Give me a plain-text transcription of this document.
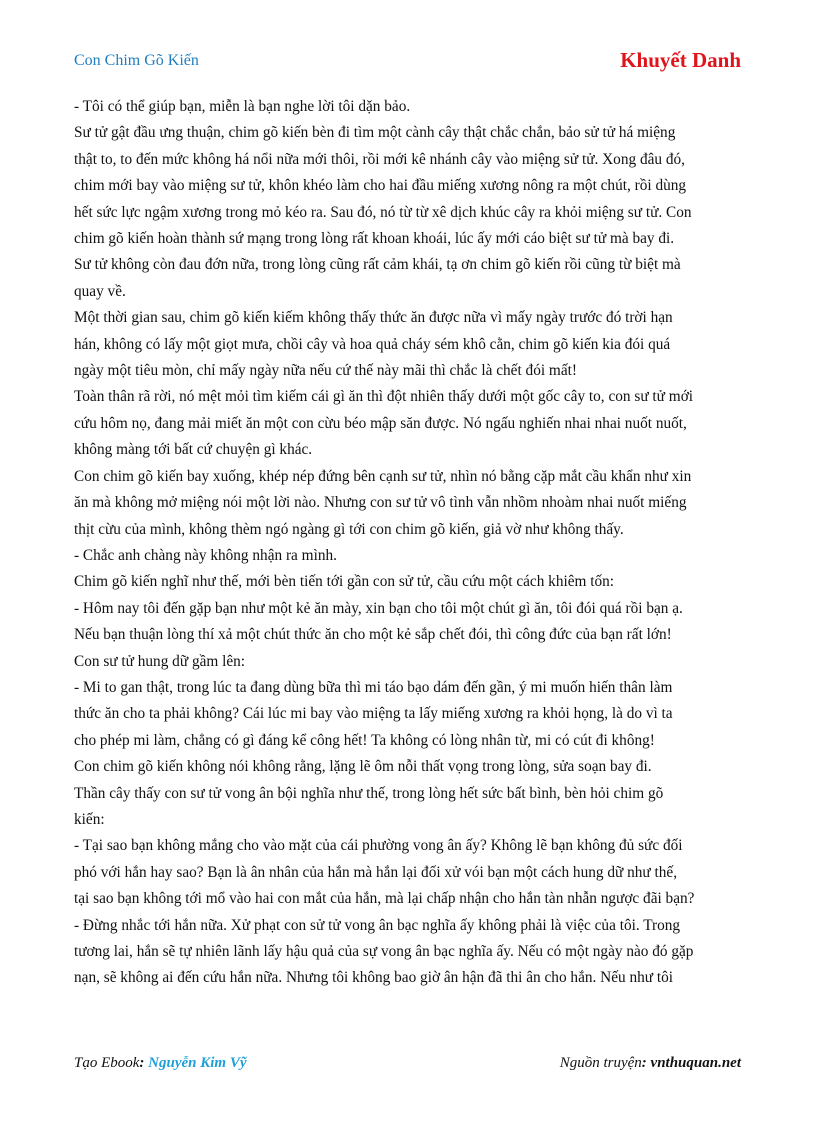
Con Chim Gõ Kiến	Khuyết Danh

- Tôi có thể giúp bạn, miễn là bạn nghe lời tôi dặn bảo.

Sư tử gật đầu ưng thuận, chim gõ kiến bèn đi tìm một cành cây thật chắc chắn, bảo sử tử há miệng

thật to, to đến mức không há nổi nữa mới thôi, rồi mới kê nhánh cây vào miệng sử tử. Xong đâu đó,

chim mới bay vào miệng sư tử, khôn khéo làm cho hai đầu miếng xương nông ra một chút, rồi dùng

hết sức lực ngậm xương trong mỏ kéo ra. Sau đó, nó từ từ xê dịch khúc cây ra khỏi miệng sư tử. Con

chim gõ kiến hoàn thành sứ mạng trong lòng rất khoan khoái, lúc ấy mới cáo biệt sư tử mà bay đi.

Sư tử không còn đau đớn nữa, trong lòng cũng rất cảm khái, tạ ơn chim gõ kiến rồi cũng từ biệt mà

quay về.

Một thời gian sau, chim gõ kiến kiếm không thấy thức ăn được nữa vì mấy ngày trước đó trời hạn

hán, không có lấy một giọt mưa, chồi cây và hoa quả cháy sém khô cằn, chim gõ kiến kia đói quá

ngày một tiêu mòn, chỉ mấy ngày nữa nếu cứ thế này mãi thì chắc là chết đói mất!

Toàn thân rã rời, nó mệt mỏi tìm kiếm cái gì ăn thì đột nhiên thấy dưới một gốc cây to, con sư tử mới

cứu hôm nọ, đang mải miết ăn một con cừu béo mập săn được. Nó ngấu nghiến nhai nhai nuốt nuốt,

không màng tới bất cứ chuyện gì khác.

Con chim gõ kiến bay xuống, khép nép đứng bên cạnh sư tử, nhìn nó bằng cặp mắt cầu khẩn như xin

ăn mà không mở miệng nói một lời nào. Nhưng con sư tử vô tình vẫn nhồm nhoàm nhai nuốt miếng

thịt cừu của mình, không thèm ngó ngàng gì tới con chim gõ kiến, giả vờ như không thấy.

- Chắc anh chàng này không nhận ra mình.

Chim gõ kiến nghĩ như thế, mới bèn tiến tới gần con sử tử, cầu cứu một cách khiêm tốn:

- Hôm nay tôi đến gặp bạn như một kẻ ăn mày, xin bạn cho tôi một chút gì ăn, tôi đói quá rồi bạn ạ.

Nếu bạn thuận lòng thí xả một chút thức ăn cho một kẻ sắp chết đói, thì công đức của bạn rất lớn!

Con sư tử hung dữ gầm lên:

- Mi to gan thật, trong lúc ta đang dùng bữa thì mi táo bạo dám đến gần, ý mi muốn hiến thân làm

thức ăn cho ta phải không? Cái lúc mi bay vào miệng ta lấy miếng xương ra khỏi họng, là do vì ta

cho phép mi làm, chẳng có gì đáng kể công hết! Ta không có lòng nhân từ, mi có cút đi không!

Con chim gõ kiến không nói không rằng, lặng lẽ ôm nỗi thất vọng trong lòng, sửa soạn bay đi.

Thần cây thấy con sư tử vong ân bội nghĩa như thế, trong lòng hết sức bất bình, bèn hỏi chim gõ

kiến:

- Tại sao bạn không mắng cho vào mặt của cái phường vong ân ấy? Không lẽ bạn không đủ sức đối

phó với hắn hay sao? Bạn là ân nhân của hắn mà hắn lại đối xử vói bạn một cách hung dữ như thế,

tại sao bạn không tới mổ vào hai con mắt của hắn, mà lại chấp nhận cho hắn tàn nhẫn ngược đãi bạn?

- Đừng nhắc tới hắn nữa. Xử phạt con sử tử vong ân bạc nghĩa ấy không phải là việc của tôi. Trong

tương lai, hắn sẽ tự nhiên lãnh lấy hậu quả của sự vong ân bạc nghĩa ấy. Nếu có một ngày nào đó gặp

nạn, sẽ không ai đến cứu hắn nữa. Nhưng tôi không bao giờ ân hận đã thi ân cho hắn. Nếu như tôi

Tạo Ebook: Nguyễn Kim Vỹ	Nguồn truyện: vnthuquan.net
